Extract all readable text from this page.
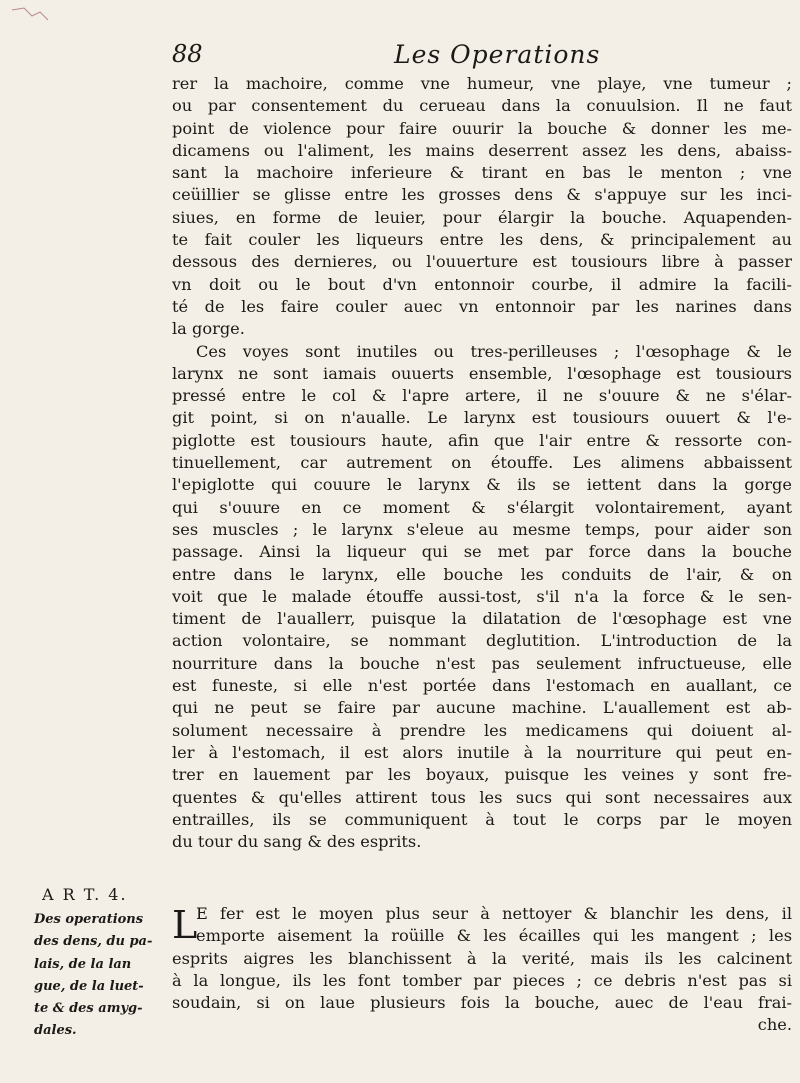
88	Les Operations
rer la machoire, comme vne humeur, vne playe, vne tumeur ;
ou par consentement du cerueau dans la conuulsion. Il ne faut
point de violence pour faire ouurir la bouche & donner les me-
dicamens ou l'aliment, les mains deserrent assez les dens, abaiss-
sant la machoire inferieure & tirant en bas le menton ; vne
ceüillier se glisse entre les grosses dens & s'appuye sur les inci-
siues, en forme de leuier, pour élargir la bouche. Aquapenden-
te fait couler les liqueurs entre les dens, & principalement au
dessous des dernieres, ou l'ouuerture est tousiours libre à passer
vn doit ou le bout d'vn entonnoir courbe, il admire la facili-
té de les faire couler auec vn entonnoir par les narines dans
la gorge.
Ces voyes sont inutiles ou tres-perilleuses ; l'œsophage & le
larynx ne sont iamais ouuerts ensemble, l'œsophage est tousiours
pressé entre le col & l'apre artere, il ne s'ouure & ne s'élar-
git point, si on n'aualle. Le larynx est tousiours ouuert & l'e-
piglotte est tousiours haute, afin que l'air entre & ressorte con-
tinuellement, car autrement on étouffe. Les alimens abbaissent
l'epiglotte qui couure le larynx & ils se iettent dans la gorge
qui s'ouure en ce moment & s'élargit volontairement, ayant
ses muscles ; le larynx s'eleue au mesme temps, pour aider son
passage. Ainsi la liqueur qui se met par force dans la bouche
entre dans le larynx, elle bouche les conduits de l'air, & on
voit que le malade étouffe aussi-tost, s'il n'a la force & le sen-
timent de l'auallerr, puisque la dilatation de l'œsophage est vne
action volontaire, se nommant deglutition. L'introduction de la
nourriture dans la bouche n'est pas seulement infructueuse, elle
est funeste, si elle n'est portée dans l'estomach en auallant, ce
qui ne peut se faire par aucune machine. L'auallement est ab-
solument necessaire à prendre les medicamens qui doiuent al-
ler à l'estomach, il est alors inutile à la nourriture qui peut en-
trer en lauement par les boyaux, puisque les veines y sont fre-
quentes & qu'elles attirent tous les sucs qui sont necessaires aux
entrailles, ils se communiquent à tout le corps par le moyen
du tour du sang & des esprits.
A R T. 4.
Des operations
des dens, du pa-
lais, de la lan
gue, de la luet-
te & des amyg-
dales.
L
E fer est le moyen plus seur à nettoyer & blanchir les dens, il
emporte aisement la roüille & les écailles qui les mangent ; les
esprits aigres les blanchissent à la verité, mais ils les calcinent
à la longue, ils les font tomber par pieces ; ce debris n'est pas si
soudain, si on laue plusieurs fois la bouche, auec de l'eau frai-
che.
